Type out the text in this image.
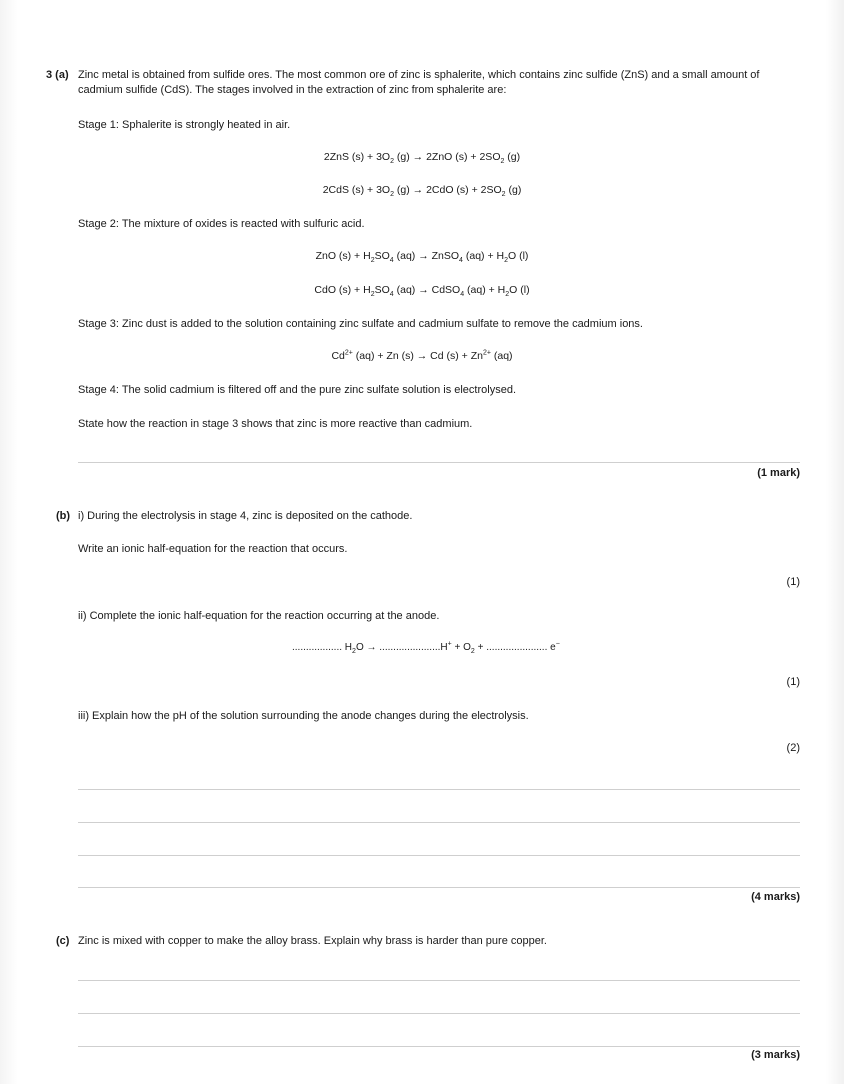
3 (a) Zinc metal is obtained from sulfide ores. The most common ore of zinc is sphalerite, which contains zinc sulfide (ZnS) and a small amount of cadmium sulfide (CdS). The stages involved in the extraction of zinc from sphalerite are:
Stage 1: Sphalerite is strongly heated in air.
2ZnS $(s) + 3O_2$ (g) → 2ZnO $(s) + 2SO_2$ (g)
2CdS $(s) + 3O_2$ (g) → 2CdO $(s) + 2SO_2$ (g)
Stage 2: The mixture of oxides is reacted with sulfuric acid.
ZnO $(s) + H_2SO_4$ (aq) → ZnSO$_4$ $(aq) + H_2O$ (l)
CdO $(s) + H_2SO_4$ (aq) → CdSO$_4$ $(aq) + H_2O$ (l)
Stage 3: Zinc dust is added to the solution containing zinc sulfate and cadmium sulfate to remove the cadmium ions.
$Cd^{2+}$ (aq) + Zn (s) → Cd $(s) + Zn^{2+}$ (aq)
Stage 4: The solid cadmium is filtered off and the pure zinc sulfate solution is electrolysed.
State how the reaction in stage 3 shows that zinc is more reactive than cadmium.
(1 mark)
(b) i) During the electrolysis in stage 4, zinc is deposited on the cathode.
Write an ionic half-equation for the reaction that occurs.
(1)
ii) Complete the ionic half-equation for the reaction occurring at the anode.
.................. $H_2O \to ......................H^+ + O_2$ + ...................... e−
(1)
iii) Explain how the pH of the solution surrounding the anode changes during the electrolysis.
(2)
(4 marks)
(c) Zinc is mixed with copper to make the alloy brass. Explain why brass is harder than pure copper.
(3 marks)
